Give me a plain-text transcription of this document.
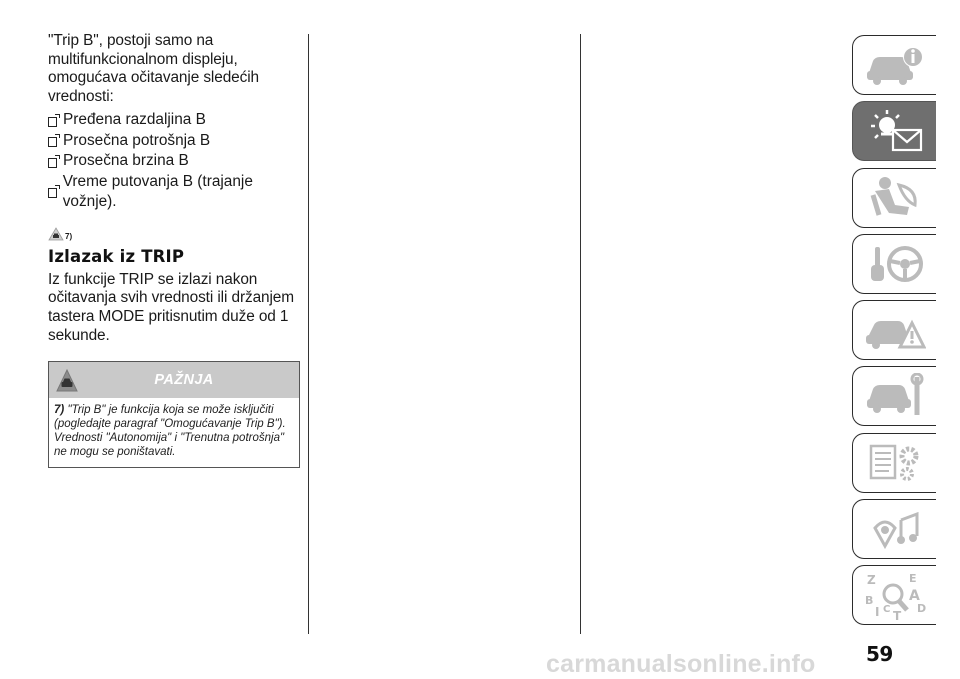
"Trip B", postoji samo na multifunkcionalnom displeju, omogućava očitavanje sledećih vrednosti:

Pređena razdaljina B
Prosečna potrošnja B
Prosečna brzina B
Vreme putovanja B (trajanje vožnje).
7)
Izlazak iz TRIP

Iz funkcije TRIP se izlazi nakon očitavanja svih vrednosti ili držanjem tastera MODE pritisnutim duže od 1 sekunde.

PAŽNJA
7) "Trip B" je funkcija koja se može isključiti (pogledajte paragraf "Omogućavanje Trip B"). Vrednosti "Autonomija" i "Trenutna potrošnja" ne mogu se poništavati.
Z	E
A
B
C D
I T
carmanualsonline.info	59
